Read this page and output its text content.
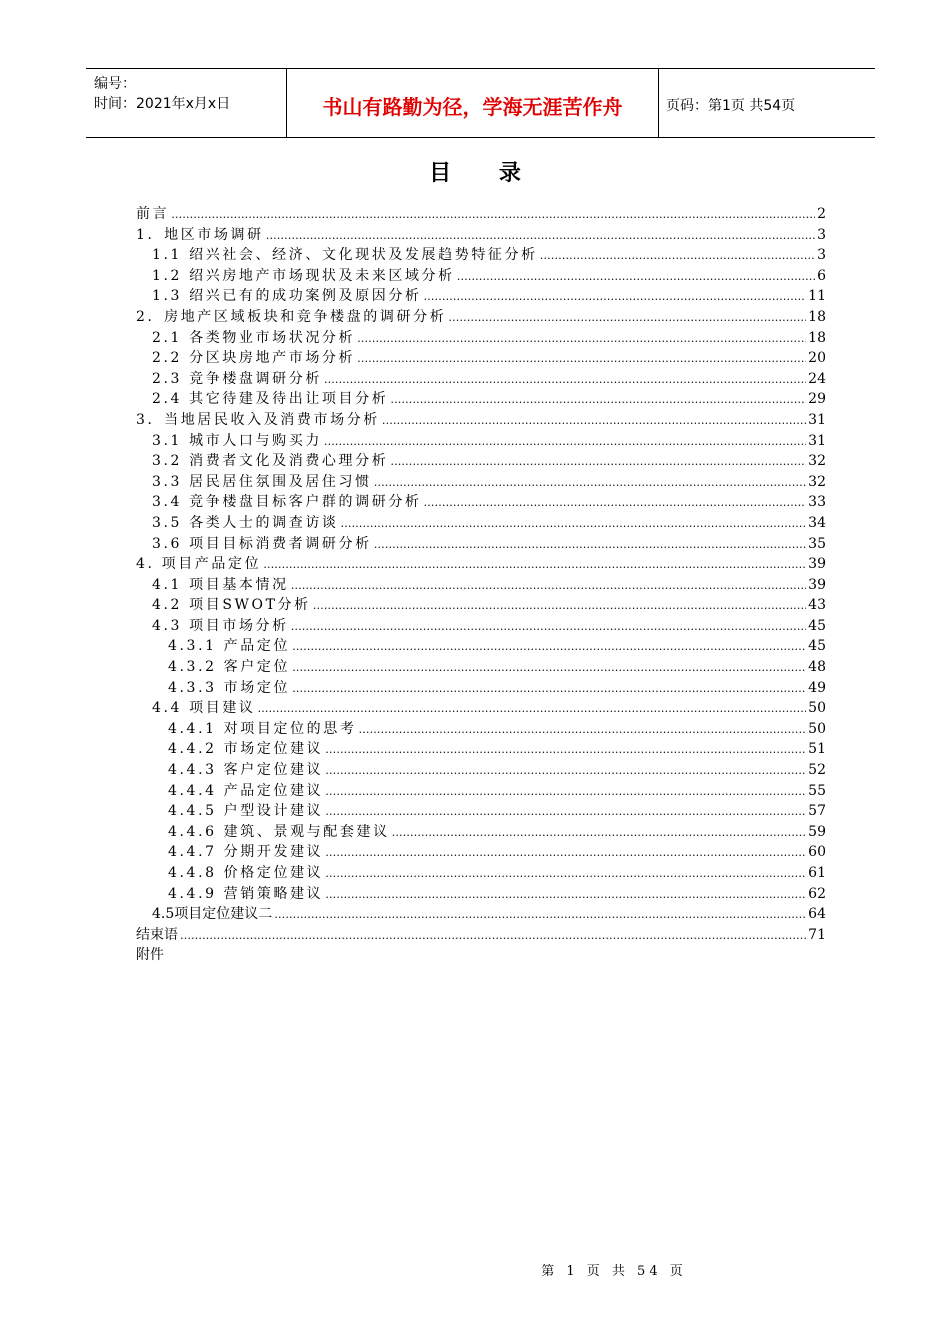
编号：
时间：2021年x月x日	书山有路勤为径，学海无涯苦作舟	页码：第1页 共54页
目 录
前言 …………………………………………………………………………………………………………………………………………………………………………………………………………………………………………	2
1．地区市场调研 …………………………………………………………………………………………………………………………………………………………………………………………………………………………………………	3
1.1 绍兴社会、经济、文化现状及发展趋势特征分析 …………………………………………………………………………………………………………………………………………………………………………………………………………………………………………	3
1.2 绍兴房地产市场现状及未来区域分析 …………………………………………………………………………………………………………………………………………………………………………………………………………………………………………	6
1.3 绍兴已有的成功案例及原因分析 …………………………………………………………………………………………………………………………………………………………………………………………………………………………………………	11
2．房地产区域板块和竞争楼盘的调研分析 …………………………………………………………………………………………………………………………………………………………………………………………………………………………………………	18
2.1 各类物业市场状况分析 …………………………………………………………………………………………………………………………………………………………………………………………………………………………………………	18
2.2 分区块房地产市场分析 …………………………………………………………………………………………………………………………………………………………………………………………………………………………………………	20
2.3 竞争楼盘调研分析 …………………………………………………………………………………………………………………………………………………………………………………………………………………………………………	24
2.4 其它待建及待出让项目分析 …………………………………………………………………………………………………………………………………………………………………………………………………………………………………………	29
3．当地居民收入及消费市场分析 …………………………………………………………………………………………………………………………………………………………………………………………………………………………………………	31
3.1 城市人口与购买力 …………………………………………………………………………………………………………………………………………………………………………………………………………………………………………	31
3.2 消费者文化及消费心理分析 …………………………………………………………………………………………………………………………………………………………………………………………………………………………………………	32
3.3 居民居住氛围及居住习惯 …………………………………………………………………………………………………………………………………………………………………………………………………………………………………………	32
3.4 竞争楼盘目标客户群的调研分析 …………………………………………………………………………………………………………………………………………………………………………………………………………………………………………	33
3.5 各类人士的调查访谈 …………………………………………………………………………………………………………………………………………………………………………………………………………………………………………	34
3.6 项目目标消费者调研分析 …………………………………………………………………………………………………………………………………………………………………………………………………………………………………………	35
4. 项目产品定位 …………………………………………………………………………………………………………………………………………………………………………………………………………………………………………	39
4.1 项目基本情况 …………………………………………………………………………………………………………………………………………………………………………………………………………………………………………	39
4.2 项目SWOT分析 …………………………………………………………………………………………………………………………………………………………………………………………………………………………………………	43
4.3 项目市场分析 …………………………………………………………………………………………………………………………………………………………………………………………………………………………………………	45
4.3.1 产品定位 …………………………………………………………………………………………………………………………………………………………………………………………………………………………………………	45
4.3.2 客户定位 …………………………………………………………………………………………………………………………………………………………………………………………………………………………………………	48
4.3.3 市场定位 …………………………………………………………………………………………………………………………………………………………………………………………………………………………………………	49
4.4 项目建议 …………………………………………………………………………………………………………………………………………………………………………………………………………………………………………	50
4.4.1 对项目定位的思考 …………………………………………………………………………………………………………………………………………………………………………………………………………………………………………	50
4.4.2 市场定位建议 …………………………………………………………………………………………………………………………………………………………………………………………………………………………………………	51
4.4.3 客户定位建议 …………………………………………………………………………………………………………………………………………………………………………………………………………………………………………	52
4.4.4 产品定位建议 …………………………………………………………………………………………………………………………………………………………………………………………………………………………………………	55
4.4.5 户型设计建议 …………………………………………………………………………………………………………………………………………………………………………………………………………………………………………	57
4.4.6 建筑、景观与配套建议 …………………………………………………………………………………………………………………………………………………………………………………………………………………………………………	59
4.4.7 分期开发建议 …………………………………………………………………………………………………………………………………………………………………………………………………………………………………………	60
4.4.8 价格定位建议 …………………………………………………………………………………………………………………………………………………………………………………………………………………………………………	61
4.4.9 营销策略建议 …………………………………………………………………………………………………………………………………………………………………………………………………………………………………………	62
4.5项目定位建议二 …………………………………………………………………………………………………………………………………………………………………………………………………………………………………………	64
结束语 …………………………………………………………………………………………………………………………………………………………………………………………………………………………………………	71
附件
第 1 页 共 54 页
